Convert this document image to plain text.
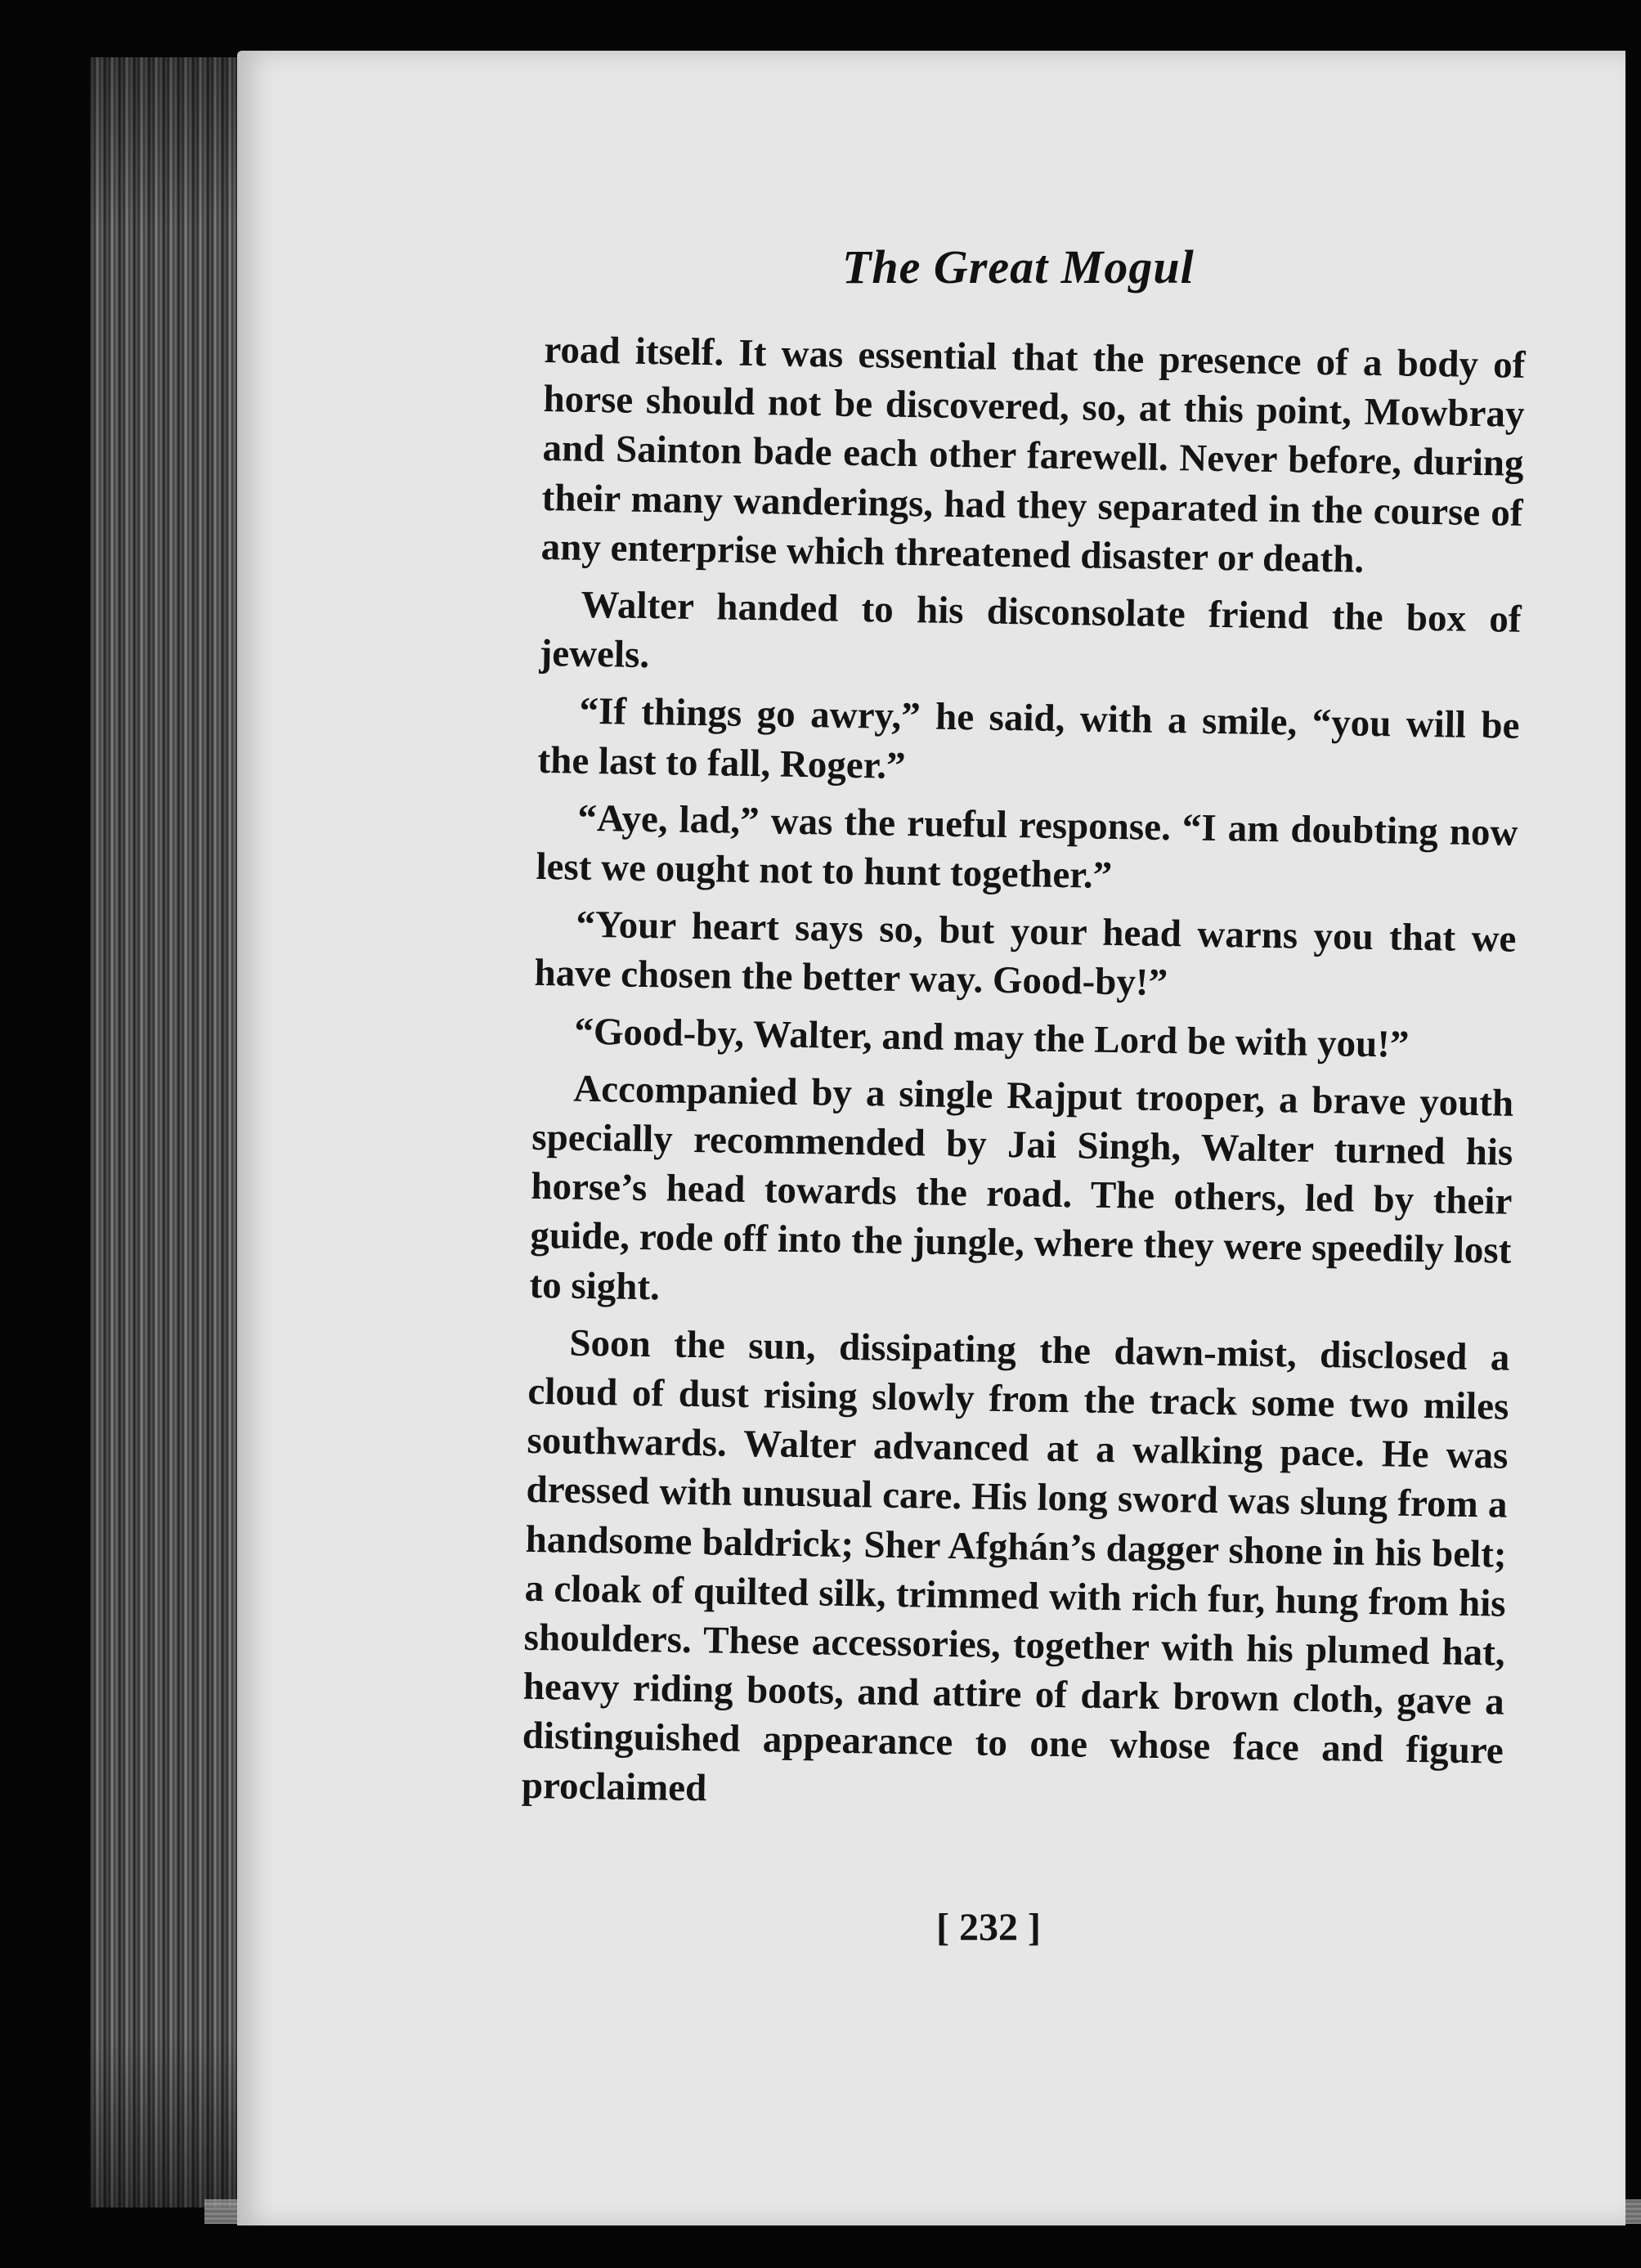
The Great Mogul

road itself. It was essential that the presence of a body of horse should not be discovered, so, at this point, Mowbray and Sainton bade each other farewell. Never before, during their many wanderings, had they separated in the course of any enterprise which threatened disaster or death.

Walter handed to his disconsolate friend the box of jewels.

“If things go awry,” he said, with a smile, “you will be the last to fall, Roger.”

“Aye, lad,” was the rueful response. “I am doubting now lest we ought not to hunt together.”

“Your heart says so, but your head warns you that we have chosen the better way. Good-by!”

“Good-by, Walter, and may the Lord be with you!”

Accompanied by a single Rajput trooper, a brave youth specially recommended by Jai Singh, Walter turned his horse’s head towards the road. The others, led by their guide, rode off into the jungle, where they were speedily lost to sight.

Soon the sun, dissipating the dawn-mist, disclosed a cloud of dust rising slowly from the track some two miles southwards. Walter advanced at a walking pace. He was dressed with unusual care. His long sword was slung from a handsome baldrick; Sher Afghán’s dagger shone in his belt; a cloak of quilted silk, trimmed with rich fur, hung from his shoulders. These accessories, together with his plumed hat, heavy riding boots, and attire of dark brown cloth, gave a distinguished appearance to one whose face and figure proclaimed

[ 232 ]
